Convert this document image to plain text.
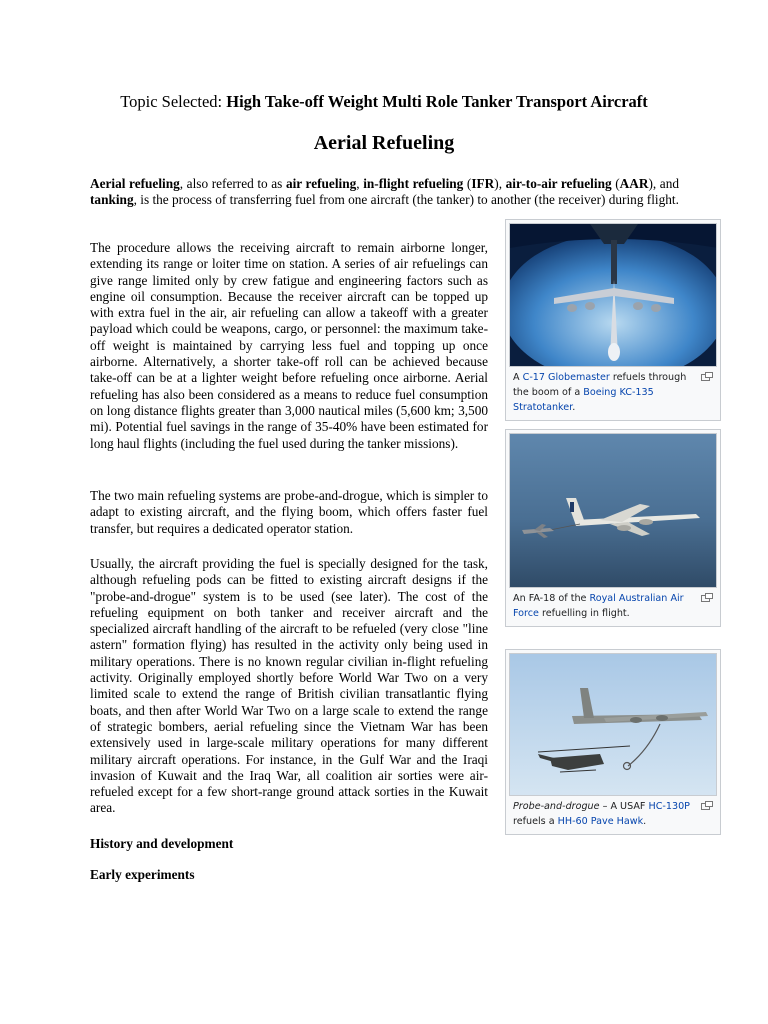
Topic Selected: High Take-off Weight Multi Role Tanker Transport Aircraft

Aerial Refueling

Aerial refueling, also referred to as air refueling, in-flight refueling (IFR), air-to-air refueling (AAR), and tanking, is the process of transferring fuel from one aircraft (the tanker) to another (the receiver) during flight.

The procedure allows the receiving aircraft to remain airborne longer, extending its range or loiter time on station. A series of air refuelings can give range limited only by crew fatigue and engineering factors such as engine oil consumption. Because the receiver aircraft can be topped up with extra fuel in the air, air refueling can allow a takeoff with a greater payload which could be weapons, cargo, or personnel: the maximum take-off weight is maintained by carrying less fuel and topping up once airborne. Alternatively, a shorter take-off roll can be achieved because take-off can be at a lighter weight before refueling once airborne. Aerial refueling has also been considered as a means to reduce fuel consumption on long distance flights greater than 3,000 nautical miles (5,600 km; 3,500 mi). Potential fuel savings in the range of 35-40% have been estimated for long haul flights (including the fuel used during the tanker missions).

The two main refueling systems are probe-and-drogue, which is simpler to adapt to existing aircraft, and the flying boom, which offers faster fuel transfer, but requires a dedicated operator station.

Usually, the aircraft providing the fuel is specially designed for the task, although refueling pods can be fitted to existing aircraft designs if the "probe-and-drogue" system is to be used (see later). The cost of the refueling equipment on both tanker and receiver aircraft and the specialized aircraft handling of the aircraft to be refueled (very close "line astern" formation flying) has resulted in the activity only being used in military operations. There is no known regular civilian in-flight refueling activity. Originally employed shortly before World War Two on a very limited scale to extend the range of British civilian transatlantic flying boats, and then after World War Two on a large scale to extend the range of strategic bombers, aerial refueling since the Vietnam War has been extensively used in large-scale military operations for many different military aircraft operations. For instance, in the Gulf War and the Iraqi invasion of Kuwait and the Iraq War, all coalition air sorties were air-refueled except for a few short-range ground attack sorties in the Kuwait area.

History and development

Early experiments

A C-17 Globemaster refuels through the boom of a Boeing KC-135 Stratotanker.
An FA-18 of the Royal Australian Air Force refuelling in flight.
Probe-and-drogue – A USAF HC-130P refuels a HH-60 Pave Hawk.
